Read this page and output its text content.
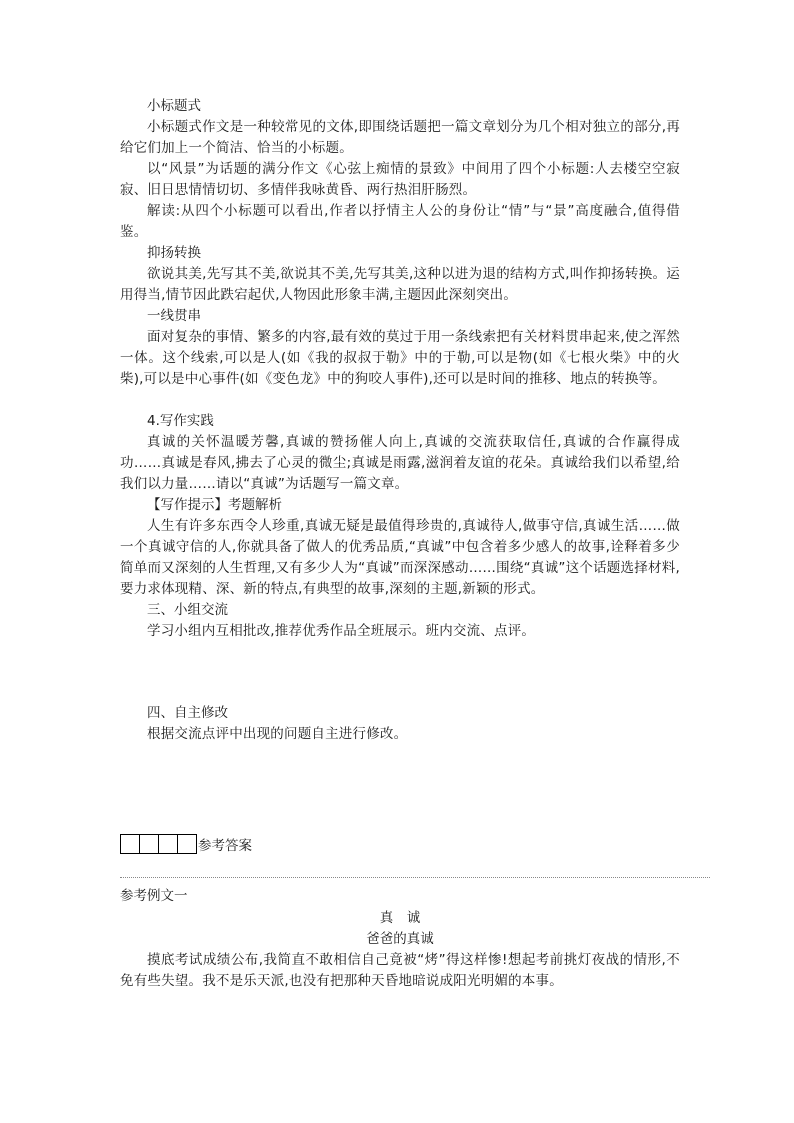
小标题式

小标题式作文是一种较常见的文体,即围绕话题把一篇文章划分为几个相对独立的部分,再给它们加上一个简洁、恰当的小标题。

以“风景”为话题的满分作文《心弦上痴情的景致》中间用了四个小标题:人去楼空空寂寂、旧日思情情切切、多情伴我咏黄昏、两行热泪肝肠烈。

解读:从四个小标题可以看出,作者以抒情主人公的身份让“情”与“景”高度融合,值得借鉴。

抑扬转换

欲说其美,先写其不美,欲说其不美,先写其美,这种以进为退的结构方式,叫作抑扬转换。运用得当,情节因此跌宕起伏,人物因此形象丰满,主题因此深刻突出。

一线贯串

面对复杂的事情、繁多的内容,最有效的莫过于用一条线索把有关材料贯串起来,使之浑然一体。这个线索,可以是人(如《我的叔叔于勒》中的于勒,可以是物(如《七根火柴》中的火柴),可以是中心事件(如《变色龙》中的狗咬人事件),还可以是时间的推移、地点的转换等。

4.写作实践

真诚的关怀温暖芳馨,真诚的赞扬催人向上,真诚的交流获取信任,真诚的合作赢得成功……真诚是春风,拂去了心灵的微尘;真诚是雨露,滋润着友谊的花朵。真诚给我们以希望,给我们以力量……请以“真诚”为话题写一篇文章。

【写作提示】考题解析

人生有许多东西令人珍重,真诚无疑是最值得珍贵的,真诚待人,做事守信,真诚生活……做一个真诚守信的人,你就具备了做人的优秀品质,“真诚”中包含着多少感人的故事,诠释着多少简单而又深刻的人生哲理,又有多少人为“真诚”而深深感动……围绕“真诚”这个话题选择材料,要力求体现精、深、新的特点,有典型的故事,深刻的主题,新颖的形式。

三、小组交流

学习小组内互相批改,推荐优秀作品全班展示。班内交流、点评。

四、自主修改

根据交流点评中出现的问题自主进行修改。

参考答案

参考例文一

真　诚

爸爸的真诚

摸底考试成绩公布,我简直不敢相信自己竟被“烤”得这样惨!想起考前挑灯夜战的情形,不免有些失望。我不是乐天派,也没有把那种天昏地暗说成阳光明媚的本事。
